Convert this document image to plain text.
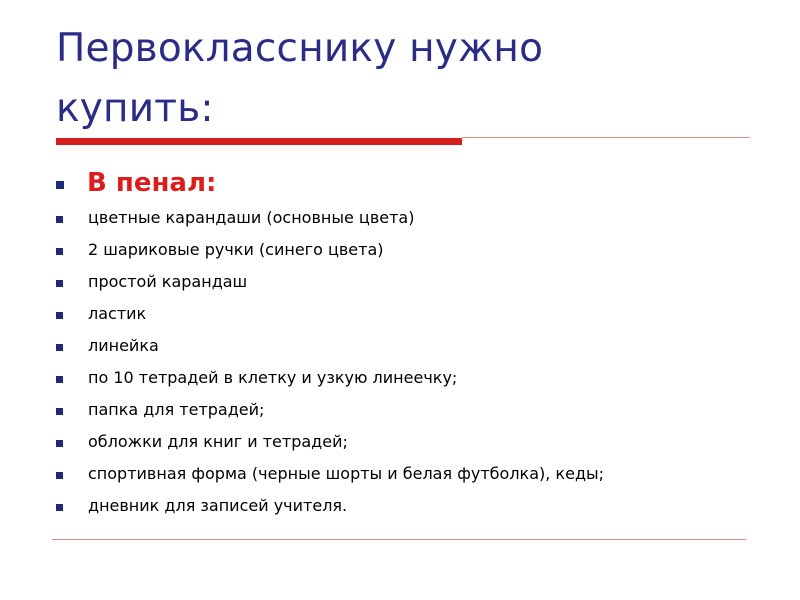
Первокласснику нужно
купить:
В пенал:
цветные карандаши (основные цвета)
2 шариковые ручки (синего цвета)
простой карандаш
ластик
линейка
по 10 тетрадей в клетку и узкую линеечку;
папка для тетрадей;
обложки для книг и тетрадей;
спортивная форма (черные шорты и белая футболка), кеды;
дневник для записей учителя.
